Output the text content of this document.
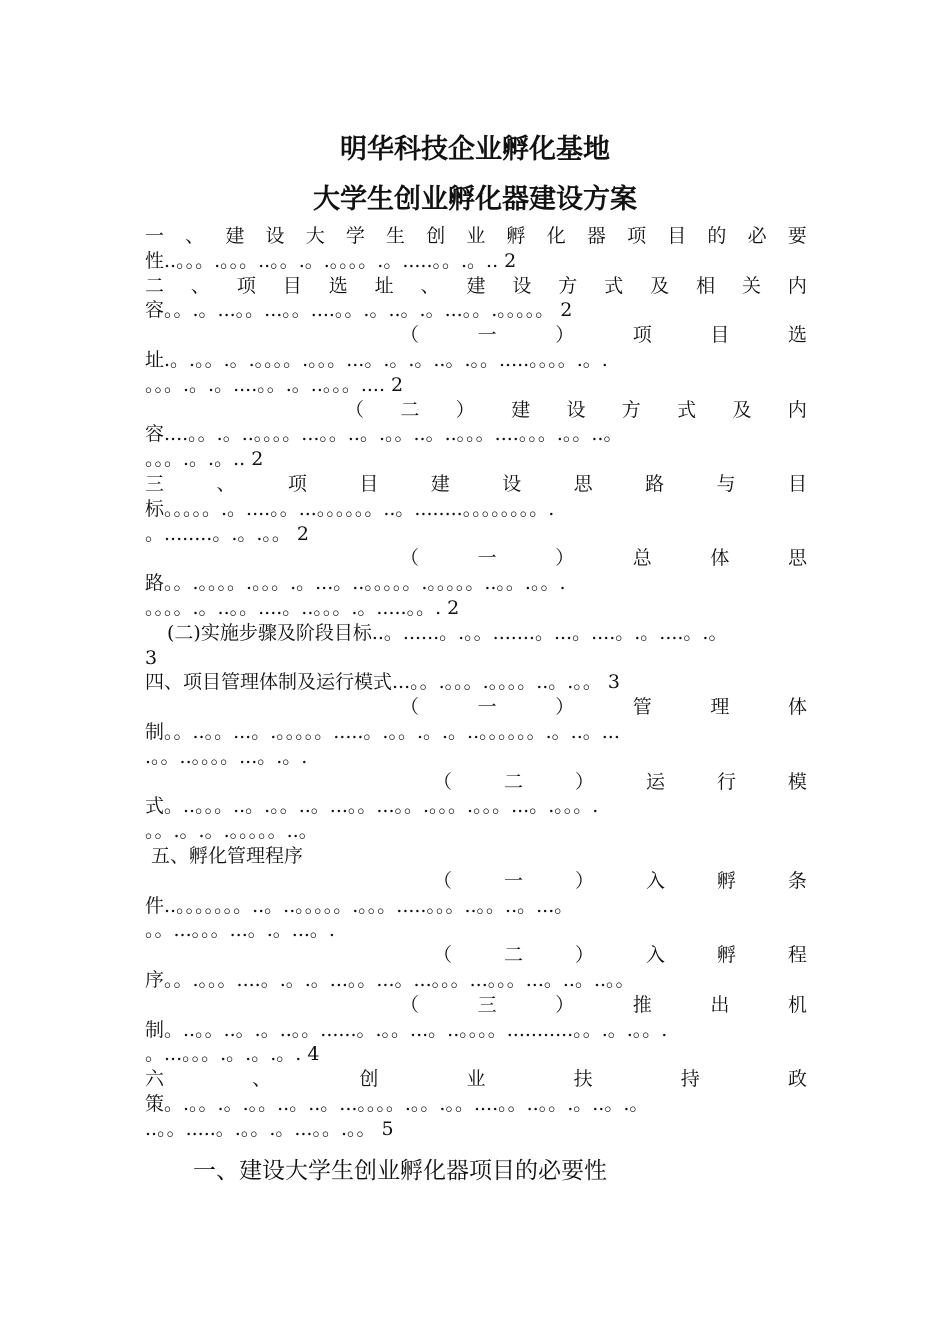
明华科技企业孵化基地
大学生创业孵化器建设方案
一 、 建 设 大 学 生 创 业 孵 化 器 项 目 的 必 要
性..。。。.。。。..。。.。.。。。。.。.....。。.。.. 2
二 、 项 目 选 址 、 建 设 方 式 及 相 关 内
容。。.。...。。...。。....。。.。..。.。...。。.。。。。。 2
（	一	）	项	目	选
址.。.。。.。.。。。。.。。。...。.。.。..。.。。.....。。。。.。.
。。。.。.。....。。.。..。。。.... 2
（ 二 ） 建 设 方 式 及 内
容....。。.。..。。。。...。。..。.。。..。..。。。....。。。.。。..。
。。。.。.。.. 2
三	、	项	目	建	设	思	路	与	目
标。。。。。.。....。。...。。。。。。..。........。。。。。。。。.
。........。.。.。。 2
（	一	）	总	体	思
路。。.。。。。.。。。.。...。..。。。。。.。。。。。..。。.。。.
。。。。.。..。。....。..。。。.。.....。。. 2
(二)实施步骤及阶段目标..。......。.。。.......。...。....。.。....。.。
3
四、项目管理体制及运行模式...。。.。。。.。。。。..。.。。 3
（	一	）	管	理	体
制。。..。。...。.。。。。。.....。.。。.。.。..。。。。。。.。..。...
.。。..。。。。...。.。.
（	二	）	运	行	模
式。..。。。..。.。。..。...。。...。。.。。。.。。。...。.。。。.
。。.。.。.。。。。。..。
五、孵化管理程序
（	一	）	入	孵	条
件..。。。。。。。..。..。。。。。.。。。.....。。。..。。..。...。
。。...。。。...。.。...。.
（	二	）	入	孵	程
序。。.。。。....。.。.。...。。...。...。。。...。。。...。..。..。。
（	三	）	推	出	机
制。..。。..。.。..。。......。.。。...。..。。。。...........。。.。.。。.
。...。。。.。.。.。. 4
六	、	创	业	扶	持	政
策。.。。.。.。。..。..。...。。。。.。。.。。....。。..。。.。..。.。
..。。.....。.。。.。...。。.。。 5
一、建设大学生创业孵化器项目的必要性
